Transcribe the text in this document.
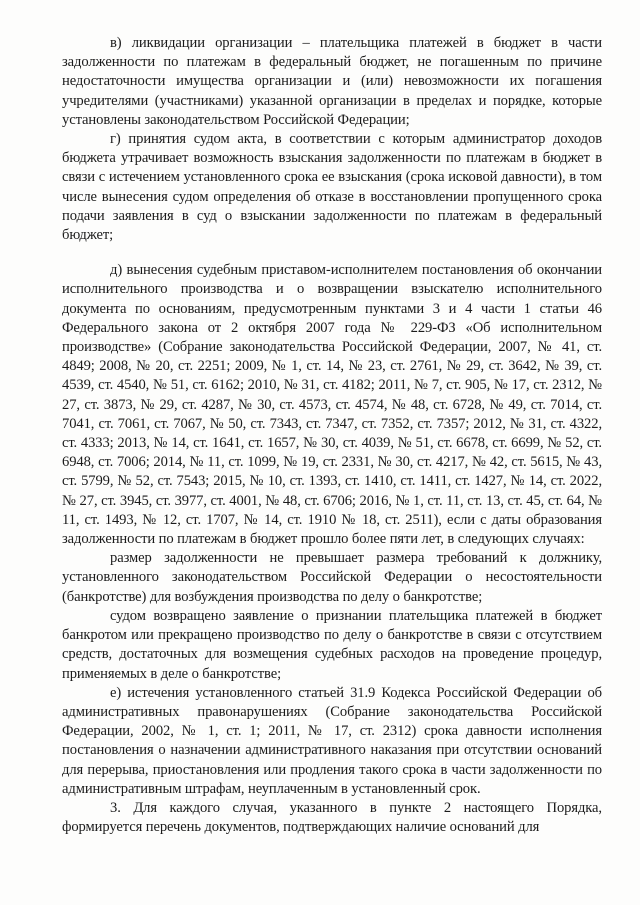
в) ликвидации организации – плательщика платежей в бюджет в части задолженности по платежам в федеральный бюджет, не погашенным по причине недостаточности имущества организации и (или) невозможности их погашения учредителями (участниками) указанной организации в пределах и порядке, которые установлены законодательством Российской Федерации;

г) принятия судом акта, в соответствии с которым администратор доходов бюджета утрачивает возможность взыскания задолженности по платежам в бюджет в связи с истечением установленного срока ее взыскания (срока исковой давности), в том числе вынесения судом определения об отказе в восстановлении пропущенного срока подачи заявления в суд о взыскании задолженности по платежам в федеральный бюджет;

д) вынесения судебным приставом-исполнителем постановления об окончании исполнительного производства и о возвращении взыскателю исполнительного документа по основаниям, предусмотренным пунктами 3 и 4 части 1 статьи 46 Федерального закона от 2 октября 2007 года № 229-ФЗ «Об исполнительном производстве» (Собрание законодательства Российской Федерации, 2007, № 41, ст. 4849; 2008, № 20, ст. 2251; 2009, № 1, ст. 14, № 23, ст. 2761, № 29, ст. 3642, № 39, ст. 4539, ст. 4540, № 51, ст. 6162; 2010, № 31, ст. 4182; 2011, № 7, ст. 905, № 17, ст. 2312, № 27, ст. 3873, № 29, ст. 4287, № 30, ст. 4573, ст. 4574, № 48, ст. 6728, № 49, ст. 7014, ст. 7041, ст. 7061, ст. 7067, № 50, ст. 7343, ст. 7347, ст. 7352, ст. 7357; 2012, № 31, ст. 4322, ст. 4333; 2013, № 14, ст. 1641, ст. 1657, № 30, ст. 4039, № 51, ст. 6678, ст. 6699, № 52, ст. 6948, ст. 7006; 2014, № 11, ст. 1099, № 19, ст. 2331, № 30, ст. 4217, № 42, ст. 5615, № 43, ст. 5799, № 52, ст. 7543; 2015, № 10, ст. 1393, ст. 1410, ст. 1411, ст. 1427, № 14, ст. 2022, № 27, ст. 3945, ст. 3977, ст. 4001, № 48, ст. 6706; 2016, № 1, ст. 11, ст. 13, ст. 45, ст. 64, № 11, ст. 1493, № 12, ст. 1707, № 14, ст. 1910 № 18, ст. 2511), если с даты образования задолженности по платежам в бюджет прошло более пяти лет, в следующих случаях:

размер задолженности не превышает размера требований к должнику, установленного законодательством Российской Федерации о несостоятельности (банкротстве) для возбуждения производства по делу о банкротстве;

судом возвращено заявление о признании плательщика платежей в бюджет банкротом или прекращено производство по делу о банкротстве в связи с отсутствием средств, достаточных для возмещения судебных расходов на проведение процедур, применяемых в деле о банкротстве;

е) истечения установленного статьей 31.9 Кодекса Российской Федерации об административных правонарушениях (Собрание законодательства Российской Федерации, 2002, № 1, ст. 1; 2011, № 17, ст. 2312) срока давности исполнения постановления о назначении административного наказания при отсутствии оснований для перерыва, приостановления или продления такого срока в части задолженности по административным штрафам, неуплаченным в установленный срок.

3. Для каждого случая, указанного в пункте 2 настоящего Порядка, формируется перечень документов, подтверждающих наличие оснований для
